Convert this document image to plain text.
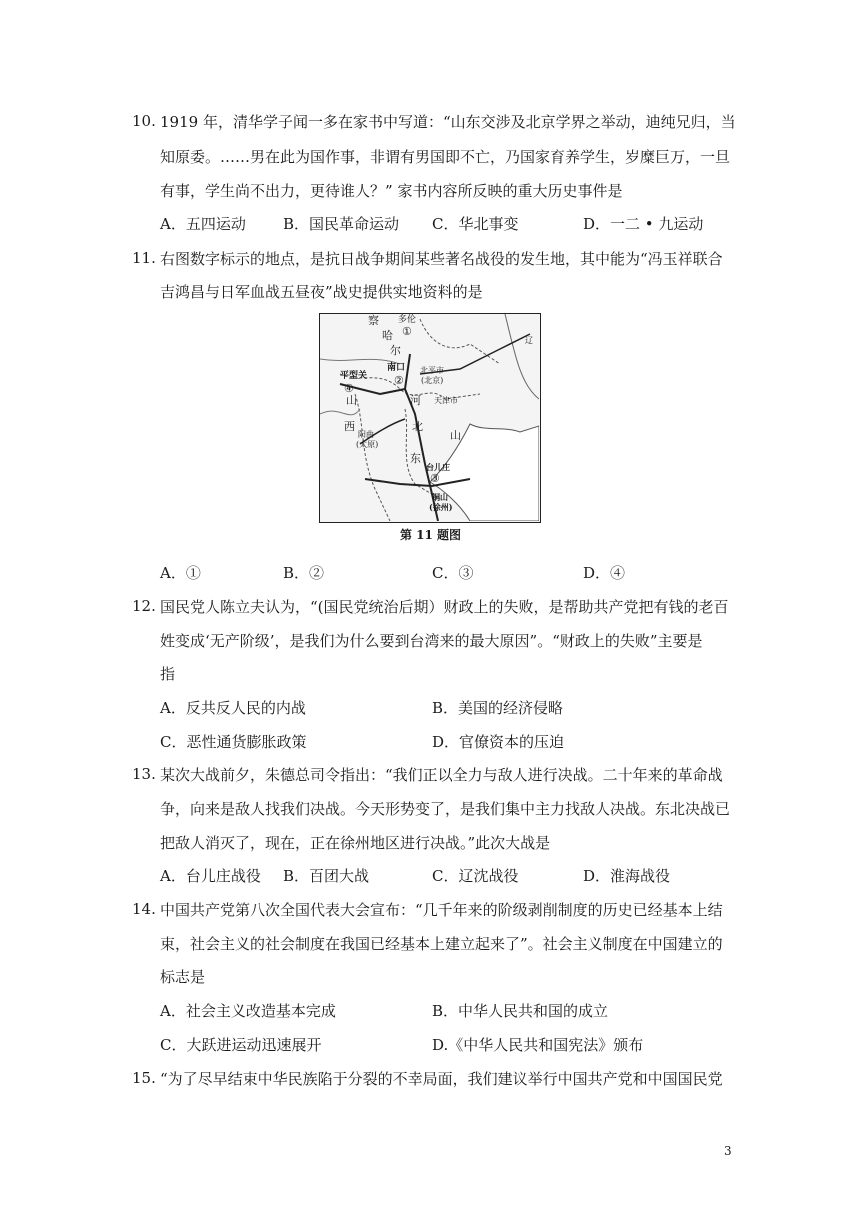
10. 1919 年，清华学子闻一多在家书中写道：“山东交涉及北京学界之举动，迪纯兄归，当
知原委。……男在此为国作事，非谓有男国即不亡，乃国家育养学生，岁糜巨万，一旦
有事，学生尚不出力，更待谁人？” 家书内容所反映的重大历史事件是
A．五四运动 B．国民革命运动 C．华北事变	D．一二 • 九运动
11. 右图数字标示的地点，是抗日战争期间某些著名战役的发生地，其中能为“冯玉祥联合
吉鸿昌与日军血战五昼夜”战史提供实地资料的是
察 多伦
①
哈
尔
平型关
④
南口
②
北平市
(北京)
天津市
辽
山	河
北
阳曲
(太原)
西
山
东
台儿庄
③
铜山
(徐州)
第 11 题图
A．①	B．②	C．③	D．④
12. 国民党人陈立夫认为，“(国民党统治后期）财政上的失败，是帮助共产党把有钱的老百
姓变成‘无产阶级’，是我们为什么要到台湾来的最大原因”。“财政上的失败”主要是
指
A．反共反人民的内战	B．美国的经济侵略
C．恶性通货膨胀政策	D．官僚资本的压迫
13. 某次大战前夕，朱德总司令指出：“我们正以全力与敌人进行决战。二十年来的革命战
争，向来是敌人找我们决战。今天形势变了，是我们集中主力找敌人决战。东北决战已
把敌人消灭了，现在，正在徐州地区进行决战。”此次大战是
A．台儿庄战役 B．百团大战	C．辽沈战役	D．淮海战役
14. 中国共产党第八次全国代表大会宣布：“几千年来的阶级剥削制度的历史已经基本上结
束，社会主义的社会制度在我国已经基本上建立起来了”。社会主义制度在中国建立的
标志是
A．社会主义改造基本完成	B．中华人民共和国的成立
C．大跃进运动迅速展开	D.《中华人民共和国宪法》颁布
15. “为了尽早结束中华民族陷于分裂的不幸局面，我们建议举行中国共产党和中国国民党
3
